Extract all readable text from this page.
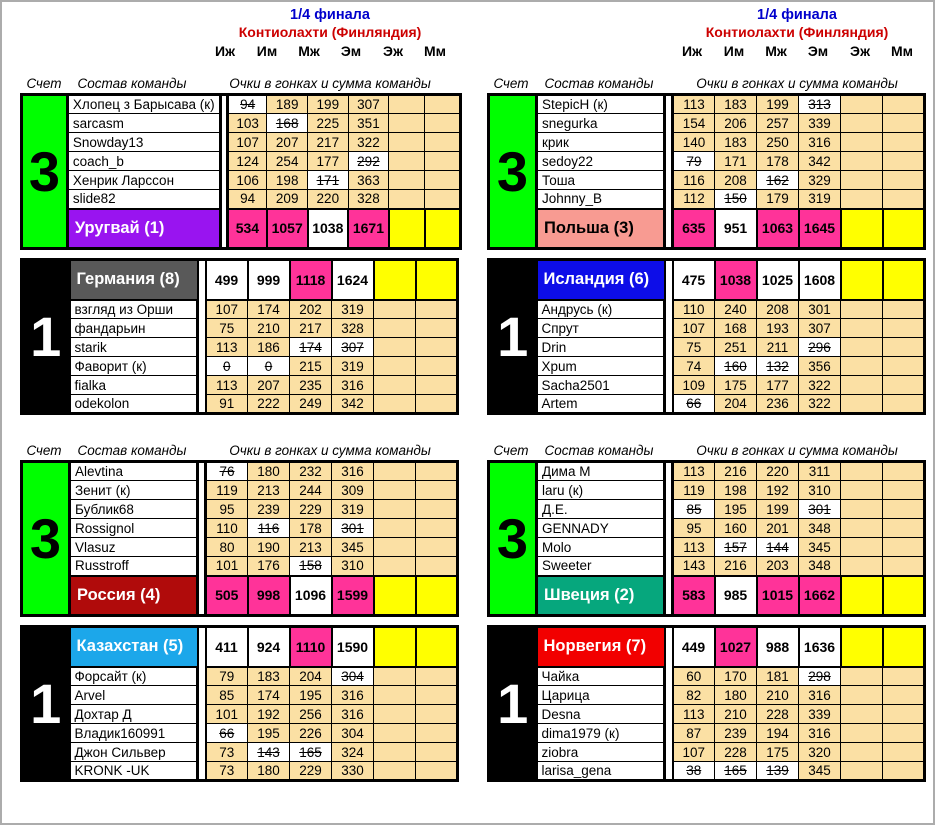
1/4 финала
Контиолахти (Финляндия)
Иж	Им	Мж	Эм	Эж	Мм
Счет	Состав команды	Очки в гонках и сумма команды
3	Хлопец з Барысава (к)		94	189	199	307		
	sarcasm		103	168	225	351		
	Snowday13		107	207	217	322		
	coach_b		124	254	177	292		
	Хенрик Ларссон		106	198	171	363		
	slide82		94	209	220	328		
	Уругвай (1)		534	1057	1038	1671		
1	Германия (8)		499	999	1118	1624		
	взгляд из Орши		107	174	202	319		
	фандарьин		75	210	217	328		
	starik		113	186	174	307		
	Фаворит (к)		0	0	215	319		
	fialka		113	207	235	316		
	odekolon		91	222	249	342		
Счет	Состав команды	Очки в гонках и сумма команды
3	Alevtina		76	180	232	316		
	Зенит (к)		119	213	244	309		
	Бублик68		95	239	229	319		
	Rossignol		110	116	178	301		
	Vlasuz		80	190	213	345		
	Russtroff		101	176	158	310		
	Россия (4)		505	998	1096	1599		
1	Казахстан (5)		411	924	1110	1590		
	Форсайт (к)		79	183	204	304		
	Arvel		85	174	195	316		
	Дохтар Д		101	192	256	316		
	Владик160991		66	195	226	304		
	Джон Сильвер		73	143	165	324		
	KRONK -UK		73	180	229	330		
1/4 финала
Контиолахти (Финляндия)
Иж	Им	Мж	Эм	Эж	Мм
Счет	Состав команды	Очки в гонках и сумма команды
3	StepicH (к)		113	183	199	313		
	snegurka		154	206	257	339		
	крик		140	183	250	316		
	sedoy22		79	171	178	342		
	Тоша		116	208	162	329		
	Johnny_B		112	150	179	319		
	Польша (3)		635	951	1063	1645		
1	Исландия (6)		475	1038	1025	1608		
	Андрусь (к)		110	240	208	301		
	Спрут		107	168	193	307		
	Drin		75	251	211	296		
	Xpum		74	160	132	356		
	Sacha2501		109	175	177	322		
	Artem		66	204	236	322		
Счет	Состав команды	Очки в гонках и сумма команды
3	Дима М		113	216	220	311		
	laru (к)		119	198	192	310		
	Д.Е.		85	195	199	301		
	GENNADY		95	160	201	348		
	Molo		113	157	144	345		
	Sweeter		143	216	203	348		
	Швеция (2)		583	985	1015	1662		
1	Норвегия (7)		449	1027	988	1636		
	Чайка		60	170	181	298		
	Царица		82	180	210	316		
	Desna		113	210	228	339		
	dima1979 (к)		87	239	194	316		
	ziobra		107	228	175	320		
	larisa_gena		38	165	139	345		
